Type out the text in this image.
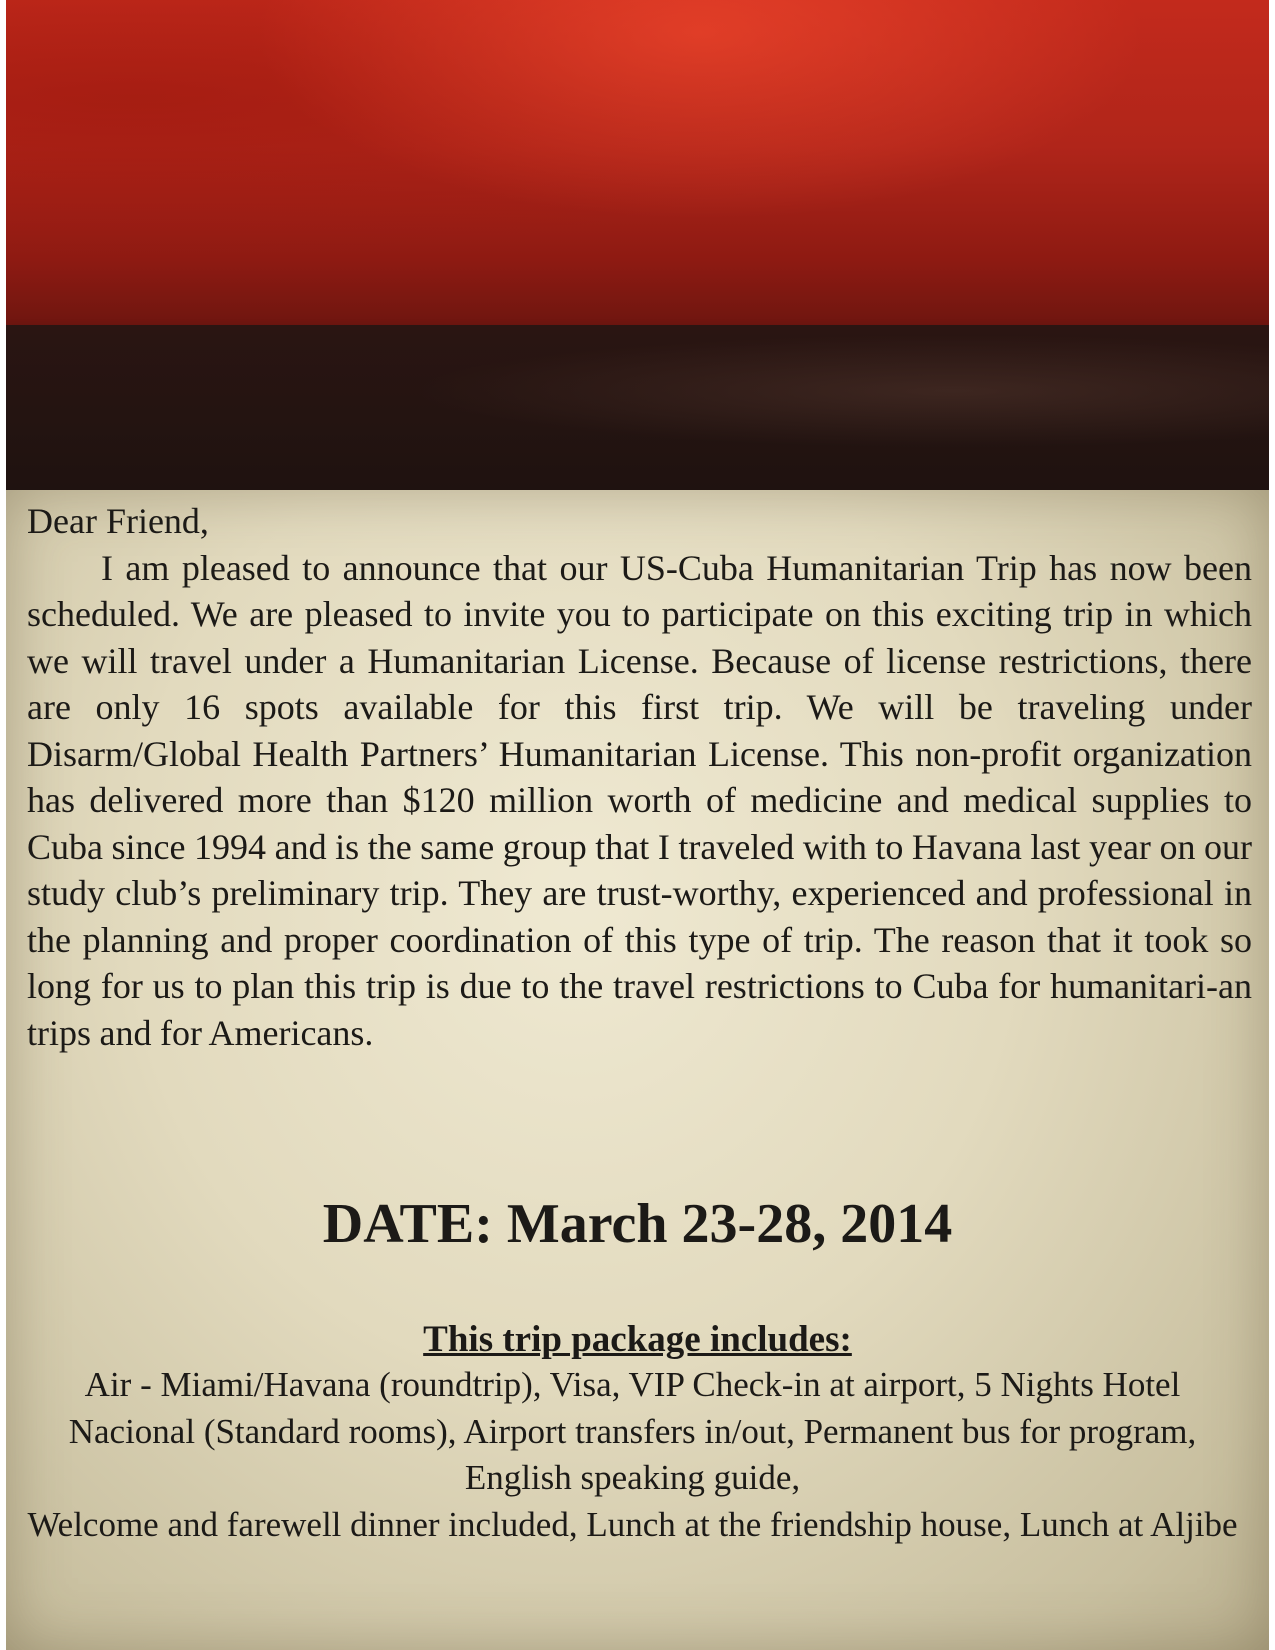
Dear Friend,

I am pleased to announce that our US-Cuba Humanitarian Trip has now been scheduled. We are pleased to invite you to participate on this exciting trip in which we will travel under a Humanitarian License. Because of license restrictions, there are only 16 spots available for this first trip. We will be traveling under Disarm/Global Health Partners’ Humanitarian License. This non-profit organization has delivered more than $120 million worth of medicine and medical supplies to Cuba since 1994 and is the same group that I traveled with to Havana last year on our study club’s preliminary trip. They are trust-worthy, experienced and professional in the planning and proper coordination of this type of trip. The reason that it took so long for us to plan this trip is due to the travel restrictions to Cuba for humanitari-an trips and for Americans.

DATE: March 23-28, 2014

This trip package includes:

Air - Miami/Havana (roundtrip), Visa, VIP Check-in at airport, 5 Nights Hotel Nacional (Standard rooms), Airport transfers in/out, Permanent bus for program, English speaking guide,
Welcome and farewell dinner included, Lunch at the friendship house, Lunch at Aljibe
